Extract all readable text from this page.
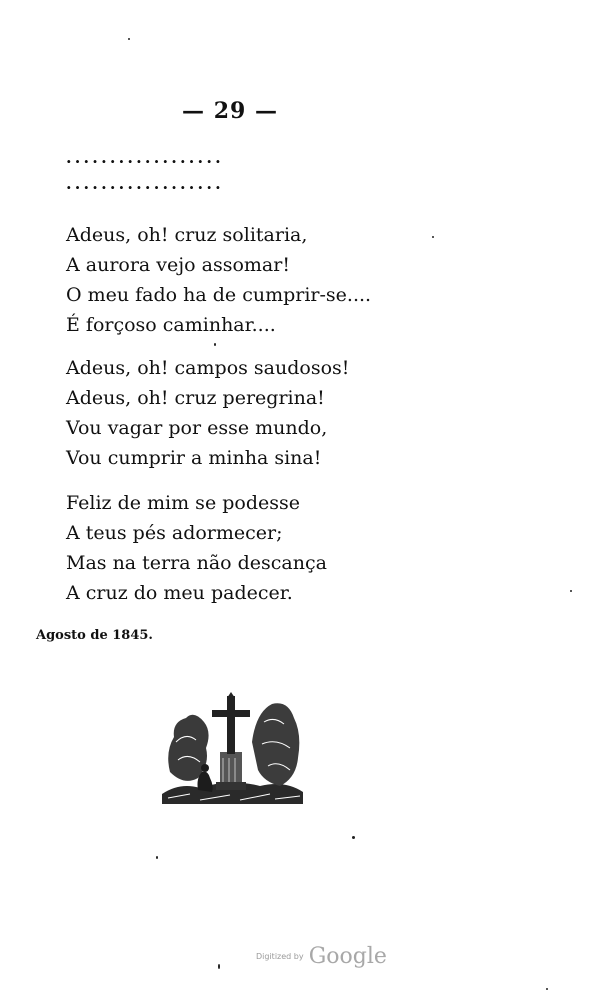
— 29 —
..................
..................
Adeus, oh! cruz solitaria,
A aurora vejo assomar!
O meu fado ha de cumprir-se....
É forçoso caminhar....
Adeus, oh! campos saudosos!
Adeus, oh! cruz peregrina!
Vou vagar por esse mundo,
Vou cumprir a minha sina!
Feliz de mim se podesse
A teus pés adormecer;
Mas na terra não descança
A cruz do meu padecer.
Agosto de 1845.
Digitized by Google
